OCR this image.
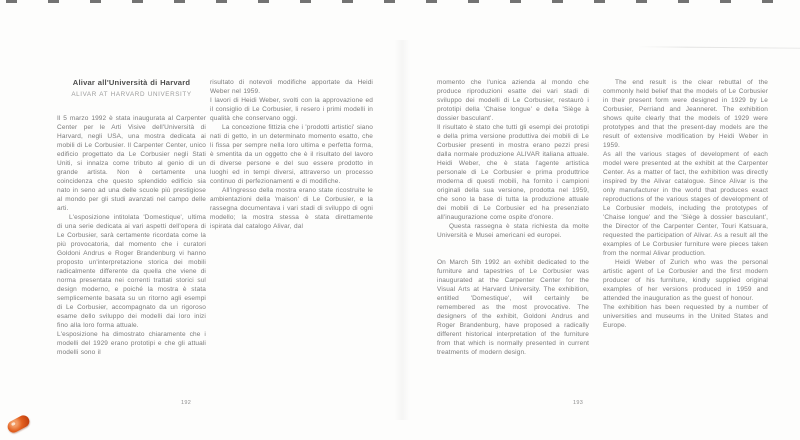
Alivar all'Università di Harvard
ALIVAR AT HARVARD UNIVERSITY

Il 5 marzo 1992 è stata inaugurata al Carpenter Center per le Arti Visive dell'Università di Harvard, negli USA, una mostra dedicata ai mobili di Le Corbusier. Il Carpenter Center, unico edificio progettato da Le Corbusier negli Stati Uniti, si innalza come tributo al genio di un grande artista. Non è certamente una coincidenza che questo splendido edificio sia nato in seno ad una delle scuole più prestigiose al mondo per gli studi avanzati nel campo delle arti.

L'esposizione intitolata 'Domestique', ultima di una serie dedicata ai vari aspetti dell'opera di Le Corbusier, sarà certamente ricordata come la più provocatoria, dal momento che i curatori Goldoni Andrus e Roger Brandenburg vi hanno proposto un'interpretazione storica dei mobili radicalmente differente da quella che viene di norma presentata nei correnti trattati storici sul design moderno, e poiché la mostra è stata semplicemente basata su un ritorno agli esempi di Le Corbusier, accompagnato da un rigoroso esame dello sviluppo dei modelli dai loro inizi fino alla loro forma attuale.

L'esposizione ha dimostrato chiaramente che i modelli del 1929 erano prototipi e che gli attuali modelli sono il

risultato di notevoli modifiche apportate da Heidi Weber nel 1959.

I lavori di Heidi Weber, svolti con la approvazione ed il consiglio di Le Corbusier, li resero i primi modelli in qualità che conservano oggi.

La concezione fittizia che i 'prodotti artistici' siano nati di getto, in un determinato momento esatto, che li fissa per sempre nella loro ultima e perfetta forma, è smentita da un oggetto che è il risultato del lavoro di diverse persone e del suo essere prodotto in luoghi ed in tempi diversi, attraverso un processo continuo di perfezionamenti e di modifiche.

All'ingresso della mostra erano state ricostruite le ambientazioni della 'maison' di Le Corbusier, e la rassegna documentava i vari stadi di sviluppo di ogni modello; la mostra stessa è stata direttamente ispirata dal catalogo Alivar, dal

192

momento che l'unica azienda al mondo che produce riproduzioni esatte dei vari stadi di sviluppo dei modelli di Le Corbusier, restaurò i prototipi della 'Chaise longue' e della 'Siège à dossier basculant'.

Il risultato è stato che tutti gli esempi dei prototipi e della prima versione produttiva dei mobili di Le Corbusier presenti in mostra erano pezzi presi dalla normale produzione ALIVAR italiana attuale. Heidi Weber, che è stata l'agente artistica personale di Le Corbusier e prima produttrice moderna di questi mobili, ha fornito i campioni originali della sua versione, prodotta nel 1959, che sono la base di tutta la produzione attuale dei mobili di Le Corbusier ed ha presenziato all'inaugurazione come ospite d'onore.

Questa rassegna è stata richiesta da molte Università e Musei americani ed europei.

On March 5th 1992 an exhibit dedicated to the furniture and tapestries of Le Corbusier was inaugurated at the Carpenter Center for the Visual Arts at Harvard University. The exhibition, entitled 'Domestique', will certainly be remembered as the most provocative. The designers of the exhibit, Goldoni Andrus and Roger Brandenburg, have proposed a radically different historical interpretation of the furniture from that which is normally presented in current treatments of modern design.

The end result is the clear rebuttal of the commonly held belief that the models of Le Corbusier in their present form were designed in 1929 by Le Corbusier, Perriand and Jeanneret. The exhibition shows quite clearly that the models of 1929 were prototypes and that the present-day models are the result of extensive modification by Heidi Weber in 1959.

As all the various stages of development of each model were presented at the exhibit at the Carpenter Center. As a matter of fact, the exhibition was directly inspired by the Alivar catalogue. Since Alivar is the only manufacturer in the world that produces exact reproductions of the various stages of development of Le Corbusier models, including the prototypes of 'Chaise longue' and the 'Siège à dossier basculant', the Director of the Carpenter Center, Touri Katsuara, requested the participation of Alivar. As a result all the examples of Le Corbusier furniture were pieces taken from the normal Alivar production.

Heidi Weber of Zurich who was the personal artistic agent of Le Corbusier and the first modern producer of his furniture, kindly supplied original examples of her versions produced in 1959 and attended the inauguration as the guest of honour.

The exhibition has been requested by a number of universities and museums in the United States and Europe.

193
